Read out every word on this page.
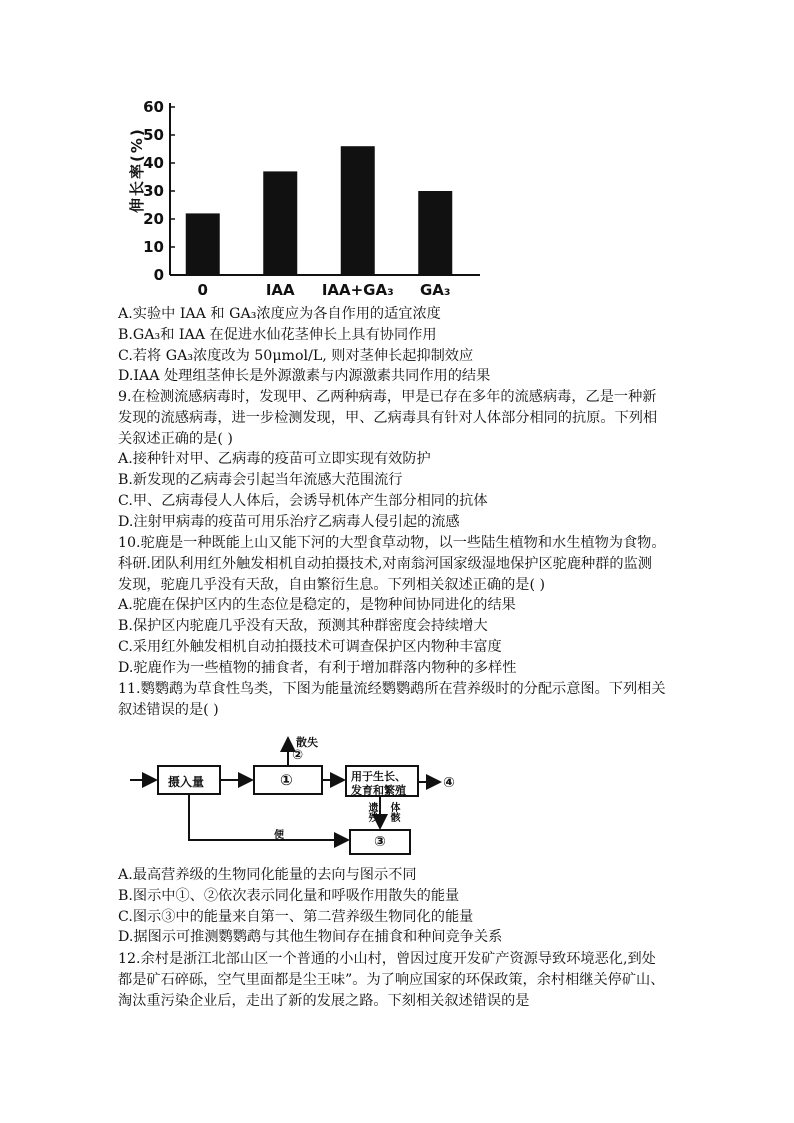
0
10
20
30
40
50
60
0	IAA IAA+GA₃ GA₃
伸长率(%)

A.实验中 IAA 和 GA₃浓度应为各自作用的适宜浓度

B.GA₃和 IAA 在促进水仙花茎伸长上具有协同作用

C.若将 GA₃浓度改为 50μmol/L, 则对茎伸长起抑制效应

D.IAA 处理组茎伸长是外源激素与内源激素共同作用的结果

9.在检测流感病毒时，发现甲、乙两种病毒，甲是已存在多年的流感病毒，乙是一种新

发现的流感病毒，进一步检测发现，甲、乙病毒具有针对人体部分相同的抗原。下列相

关叙述正确的是( )

A.接种针对甲、乙病毒的疫苗可立即实现有效防护

B.新发现的乙病毒会引起当年流感大范围流行

C.甲、乙病毒侵人人体后，会诱导机体产生部分相同的抗体

D.注射甲病毒的疫苗可用乐治疗乙病毒人侵引起的流感

10.驼鹿是一种既能上山又能下河的大型食草动物，以一些陆生植物和水生植物为食物。

科研.团队利用红外触发相机自动拍摄技术,对南翁河国家级湿地保护区驼鹿种群的监测

发现，驼鹿几乎没有天敌，自由繁衍生息。下列相关叙述正确的是( )

A.驼鹿在保护区内的生态位是稳定的，是物种间协同进化的结果

B.保护区内驼鹿几乎没有天敌，预测其种群密度会持续增大

C.采用红外触发相机自动拍摄技术可调查保护区内物种丰富度

D.驼鹿作为一些植物的捕食者，有利于增加群落内物种的多样性

11.鹦鹦鹉为草食性鸟类，下图为能量流经鹦鹦鹉所在营养级时的分配示意图。下列相关

叙述错误的是( )

摄入量	①
散失
②
用于生长、
发育和繁殖	④
遗残 体骸
③
便

A.最高营养级的生物同化能量的去向与图示不同

B.图示中①、②依次表示同化量和呼吸作用散失的能量

C.图示③中的能量来自第一、第二营养级生物同化的能量

D.据图示可推测鹦鹦鹉与其他生物间存在捕食和种间竞争关系

12.余村是浙江北部山区一个普通的小山村，曾因过度开发矿产资源导致环境恶化,到处

都是矿石碎砾，空气里面都是尘王味”。为了响应国家的环保政策，余村相继关停矿山、

淘汰重污染企业后，走出了新的发展之路。下刻相关叙述错误的是
